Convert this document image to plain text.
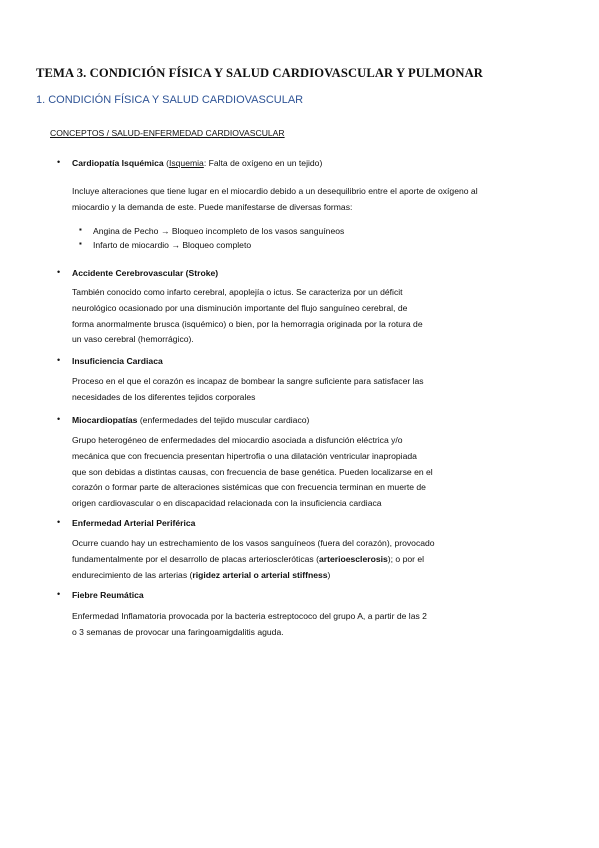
TEMA 3. CONDICIÓN FÍSICA Y SALUD CARDIOVASCULAR Y PULMONAR
1. CONDICIÓN FÍSICA Y SALUD CARDIOVASCULAR
CONCEPTOS / SALUD-ENFERMEDAD CARDIOVASCULAR
• Cardiopatía Isquémica (Isquemia: Falta de oxígeno en un tejido)
Incluye alteraciones que tiene lugar en el miocardio debido a un desequilibrio entre el aporte de oxígeno al
miocardio y la demanda de este. Puede manifestarse de diversas formas:
▪ Angina de Pecho → Bloqueo incompleto de los vasos sanguíneos
▪ Infarto de miocardio → Bloqueo completo
• Accidente Cerebrovascular (Stroke)
También conocido como infarto cerebral, apoplejía o ictus. Se caracteriza por un déficit
neurológico ocasionado por una disminución importante del flujo sanguíneo cerebral, de
forma anormalmente brusca (isquémico) o bien, por la hemorragia originada por la rotura de
un vaso cerebral (hemorrágico).
• Insuficiencia Cardiaca
Proceso en el que el corazón es incapaz de bombear la sangre suficiente para satisfacer las
necesidades de los diferentes tejidos corporales
• Miocardiopatías (enfermedades del tejido muscular cardiaco)
Grupo heterogéneo de enfermedades del miocardio asociada a disfunción eléctrica y/o
mecánica que con frecuencia presentan hipertrofia o una dilatación ventricular inapropiada
que son debidas a distintas causas, con frecuencia de base genética. Pueden localizarse en el
corazón o formar parte de alteraciones sistémicas que con frecuencia terminan en muerte de
origen cardiovascular o en discapacidad relacionada con la insuficiencia cardiaca
• Enfermedad Arterial Periférica
Ocurre cuando hay un estrechamiento de los vasos sanguíneos (fuera del corazón), provocado
fundamentalmente por el desarrollo de placas arterioscleróticas (arterioesclerosis); o por el
endurecimiento de las arterias (rigidez arterial o arterial stiffness)
• Fiebre Reumática
Enfermedad Inflamatoria provocada por la bacteria estreptococo del grupo A, a partir de las 2
o 3 semanas de provocar una faringoamigdalitis aguda.
